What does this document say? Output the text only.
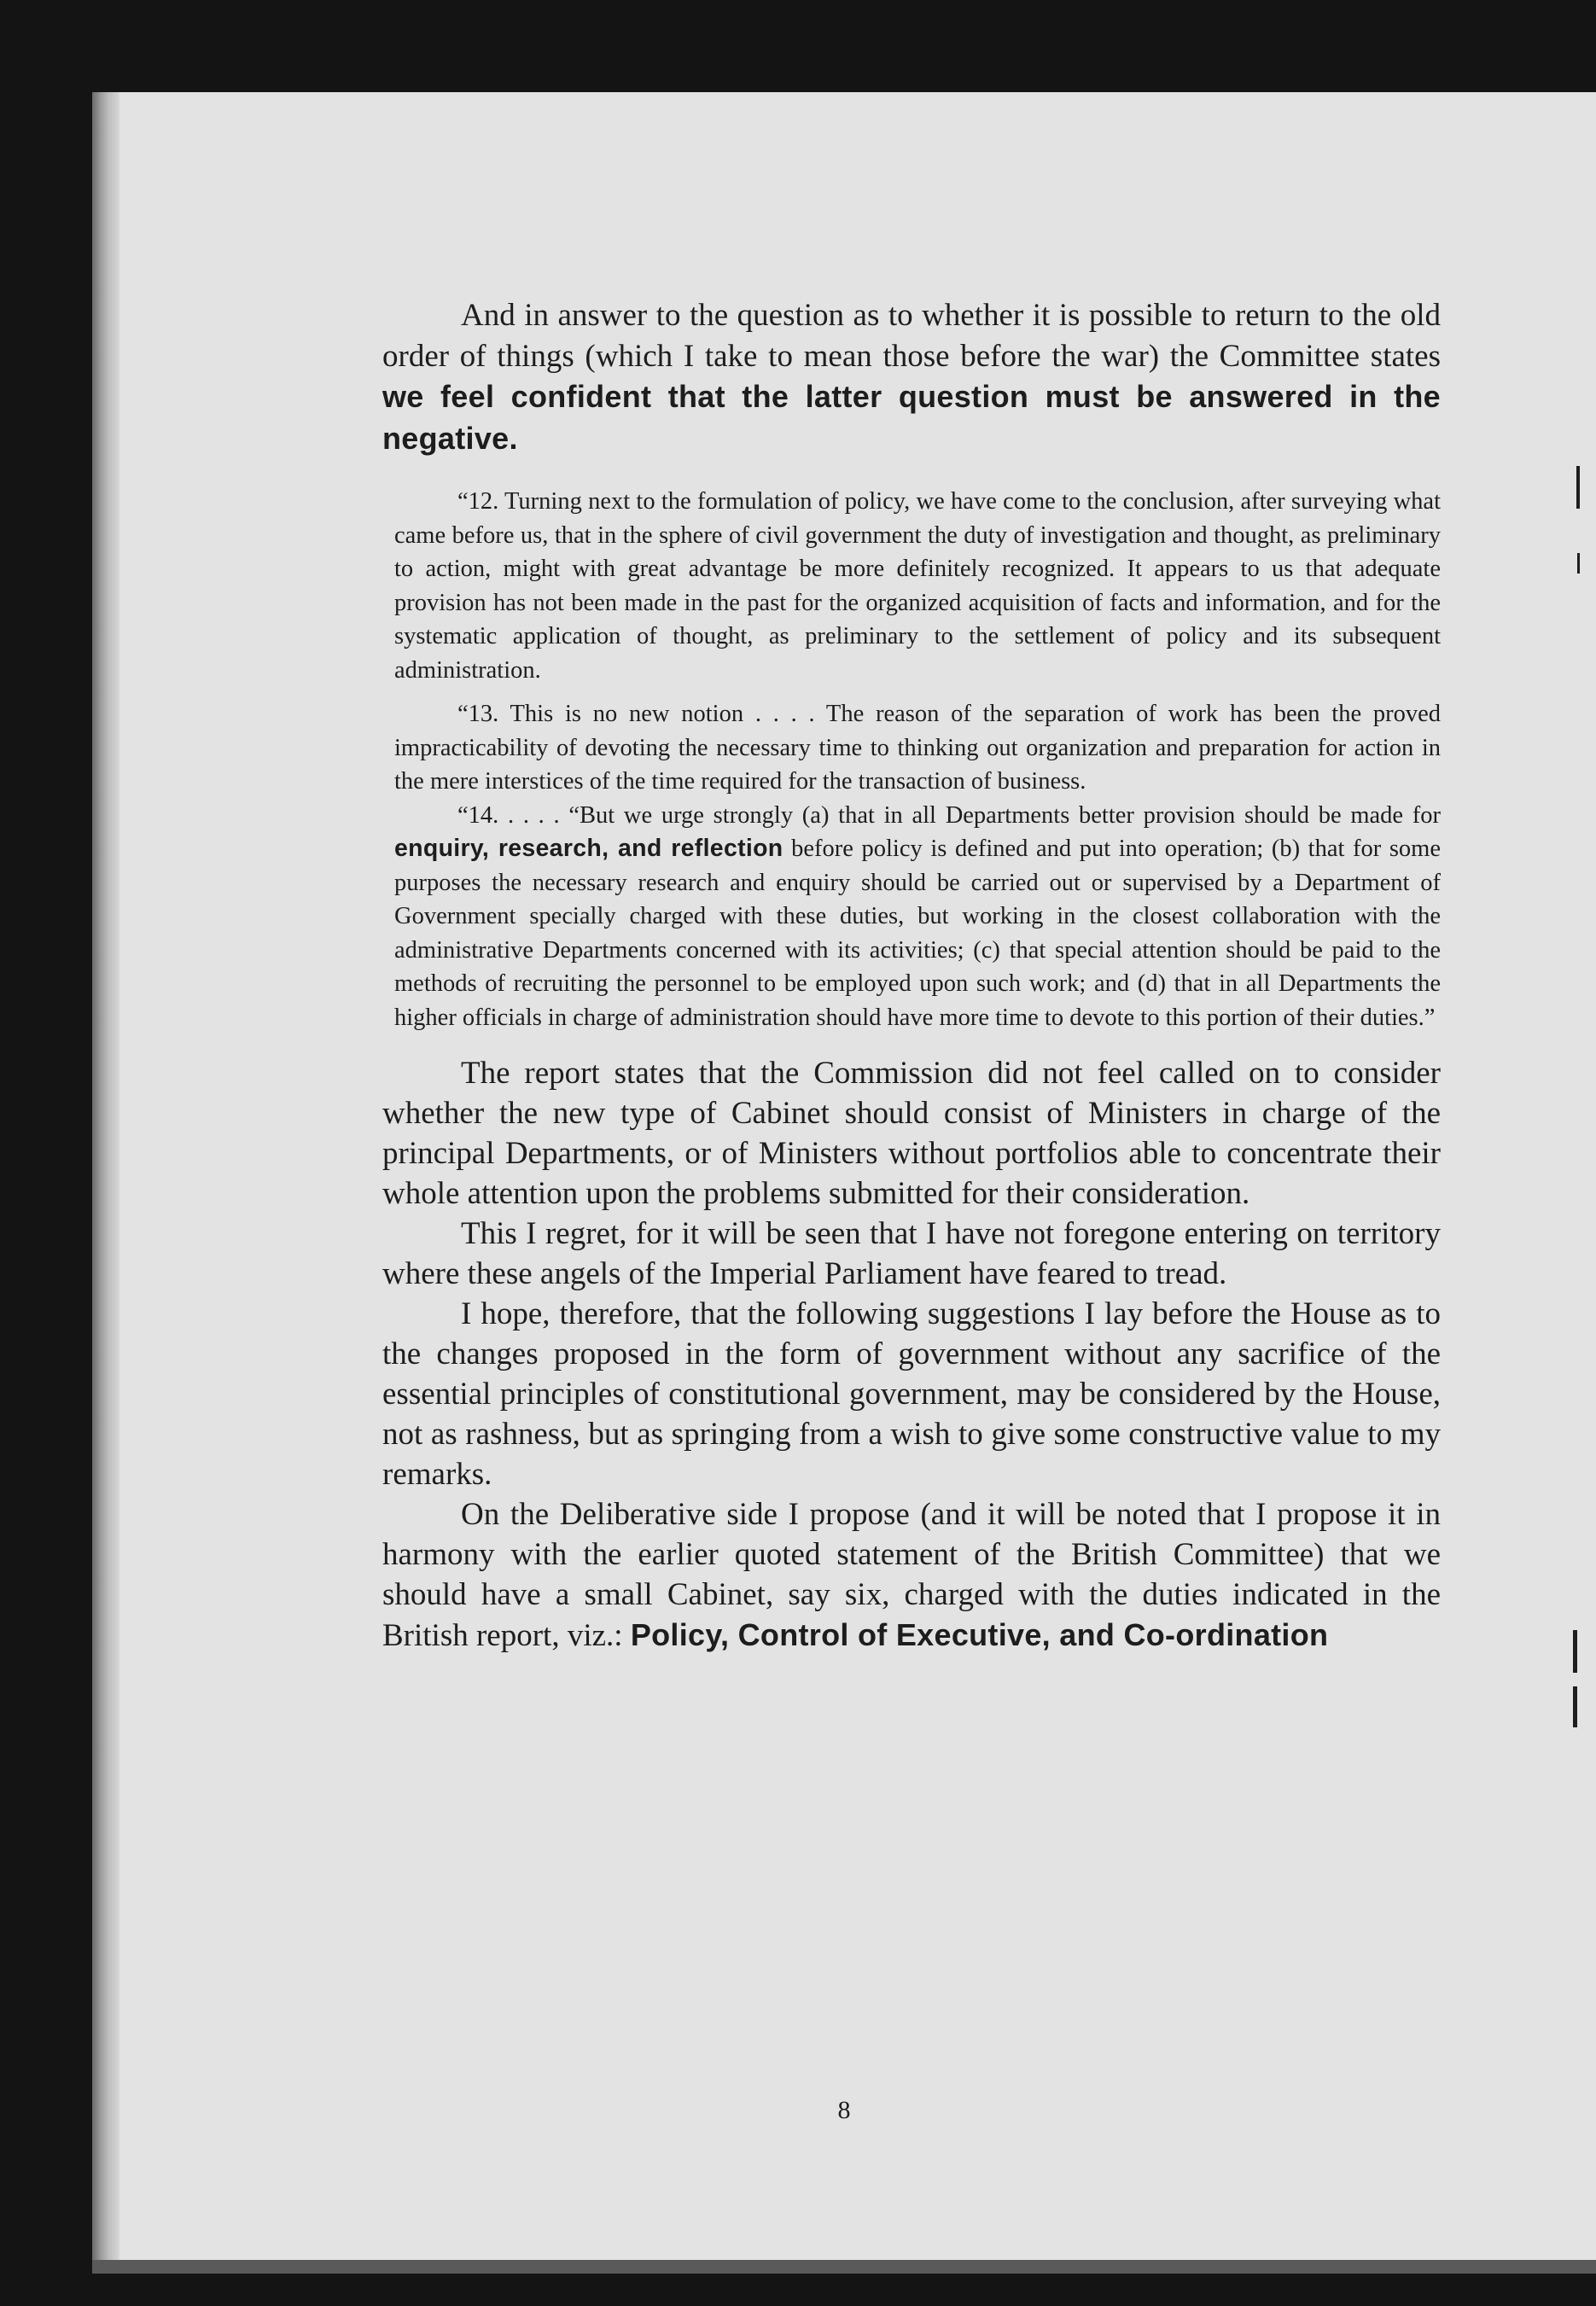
And in answer to the question as to whether it is possible to return to the old order of things (which I take to mean those before the war) the Committee states we feel confident that the latter question must be answered in the negative.

“12. Turning next to the formulation of policy, we have come to the conclusion, after surveying what came before us, that in the sphere of civil government the duty of investigation and thought, as preliminary to action, might with great advantage be more definitely recognized. It appears to us that adequate provision has not been made in the past for the organized acquisition of facts and information, and for the systematic application of thought, as preliminary to the settlement of policy and its subsequent administration.

“13. This is no new notion . . . . The reason of the separation of work has been the proved impracticability of devoting the necessary time to thinking out organization and preparation for action in the mere interstices of the time required for the transaction of business.

“14. . . . . “But we urge strongly (a) that in all Departments better provision should be made for enquiry, research, and reflection before policy is defined and put into operation; (b) that for some purposes the necessary research and enquiry should be carried out or supervised by a Department of Government specially charged with these duties, but working in the closest collaboration with the administrative Departments concerned with its activities; (c) that special attention should be paid to the methods of recruiting the personnel to be employed upon such work; and (d) that in all Departments the higher officials in charge of administration should have more time to devote to this portion of their duties.”

The report states that the Commission did not feel called on to consider whether the new type of Cabinet should consist of Ministers in charge of the principal Departments, or of Ministers without portfolios able to concentrate their whole attention upon the problems submitted for their consideration.

This I regret, for it will be seen that I have not foregone entering on territory where these angels of the Imperial Parliament have feared to tread.

I hope, therefore, that the following suggestions I lay before the House as to the changes proposed in the form of government without any sacrifice of the essential principles of constitutional government, may be considered by the House, not as rashness, but as springing from a wish to give some constructive value to my remarks.

On the Deliberative side I propose (and it will be noted that I propose it in harmony with the earlier quoted statement of the British Committee) that we should have a small Cabinet, say six, charged with the duties indicated in the British report, viz.: Policy, Control of Executive, and Co-ordination

8
